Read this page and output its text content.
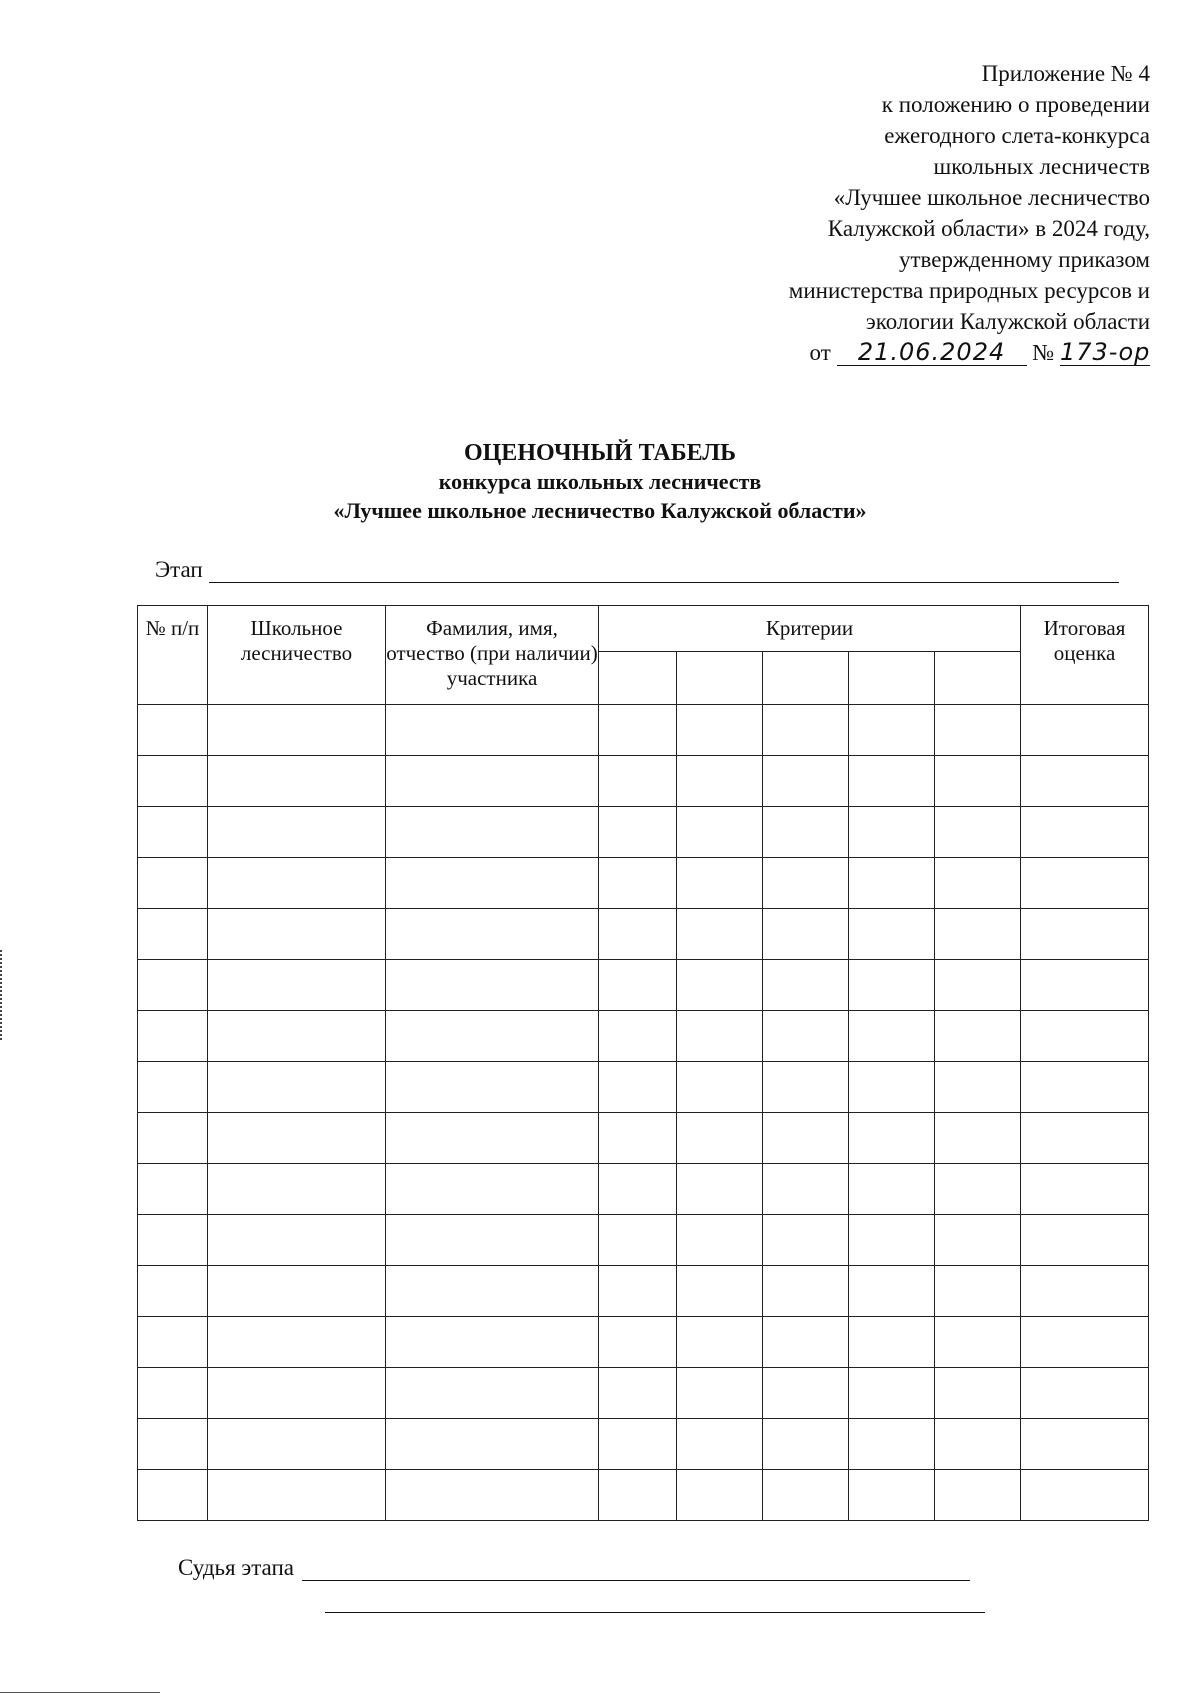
Приложение № 4
к положению о проведении
ежегодного слета-конкурса
школьных лесничеств
«Лучшее школьное лесничество
Калужской области» в 2024 году,
утвержденному приказом
министерства природных ресурсов и
экологии Калужской области
от 21.06.2024 № 173-ор
ОЦЕНОЧНЫЙ ТАБЕЛЬ
конкурса школьных лесничеств
«Лучшее школьное лесничество Калужской области»
Этап
№ п/п	Школьное лесничество	Фамилия, имя, отчество (при наличии) участника	Критерии					Итоговая оценка

Судья этапа
